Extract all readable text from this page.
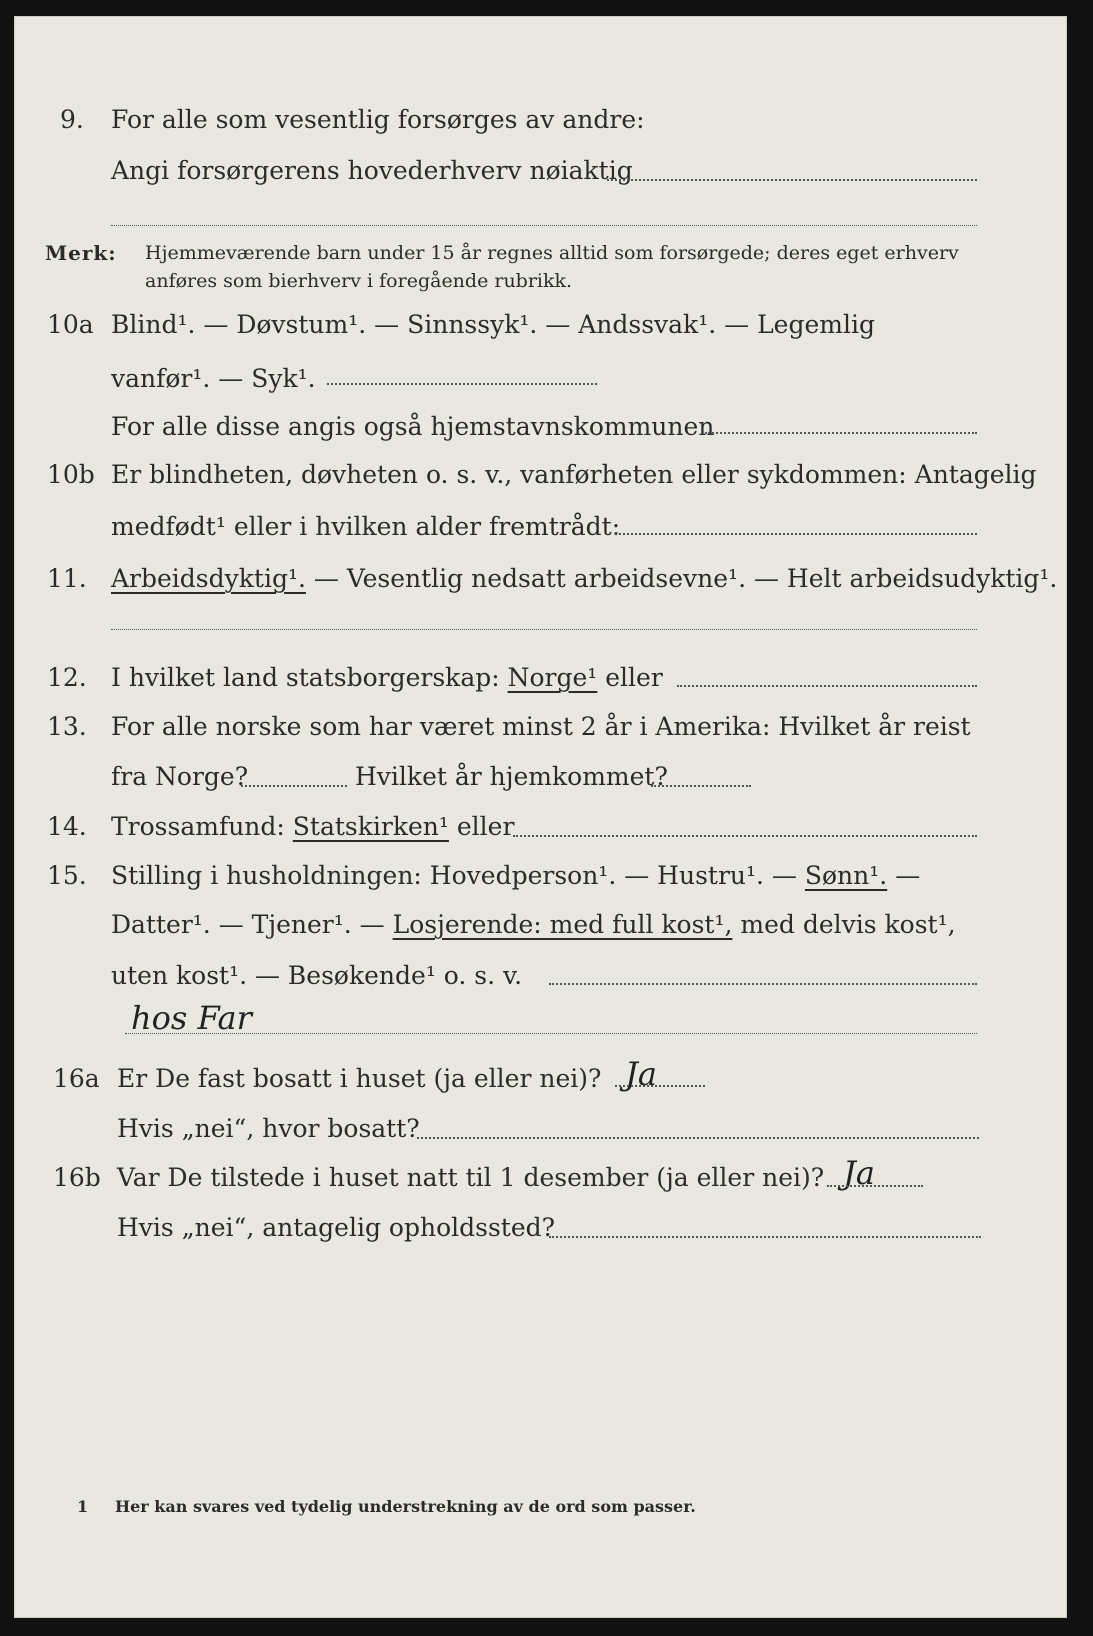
9. For alle som vesentlig forsørges av andre:
Angi forsørgerens hovederhverv nøiaktig
Merk: Hjemmeværende barn under 15 år regnes alltid som forsørgede; deres eget erhverv
anføres som bierhverv i foregående rubrikk.
10a Blind¹. — Døvstum¹. — Sinnssyk¹. — Andssvak¹. — Legemlig
vanfør¹. — Syk¹.
For alle disse angis også hjemstavnskommunen
10b Er blindheten, døvheten o. s. v., vanførheten eller sykdommen: Antagelig
medfødt¹ eller i hvilken alder fremtrådt:
11. Arbeidsdyktig¹. — Vesentlig nedsatt arbeidsevne¹. — Helt arbeidsudyktig¹.
12. I hvilket land statsborgerskap: Norge¹ eller
13. For alle norske som har været minst 2 år i Amerika: Hvilket år reist
fra Norge?	Hvilket år hjemkommet?
14. Trossamfund: Statskirken¹ eller
15. Stilling i husholdningen: Hovedperson¹. — Hustru¹. — Sønn¹. —
Datter¹. — Tjener¹. — Losjerende: med full kost¹, med delvis kost¹,
uten kost¹. — Besøkende¹ o. s. v.
hos Far
16a Er De fast bosatt i huset (ja eller nei)? Ja
Hvis „nei“, hvor bosatt?
16b Var De tilstede i huset natt til 1 desember (ja eller nei)? Ja
Hvis „nei“, antagelig opholdssted?
1 Her kan svares ved tydelig understrekning av de ord som passer.
